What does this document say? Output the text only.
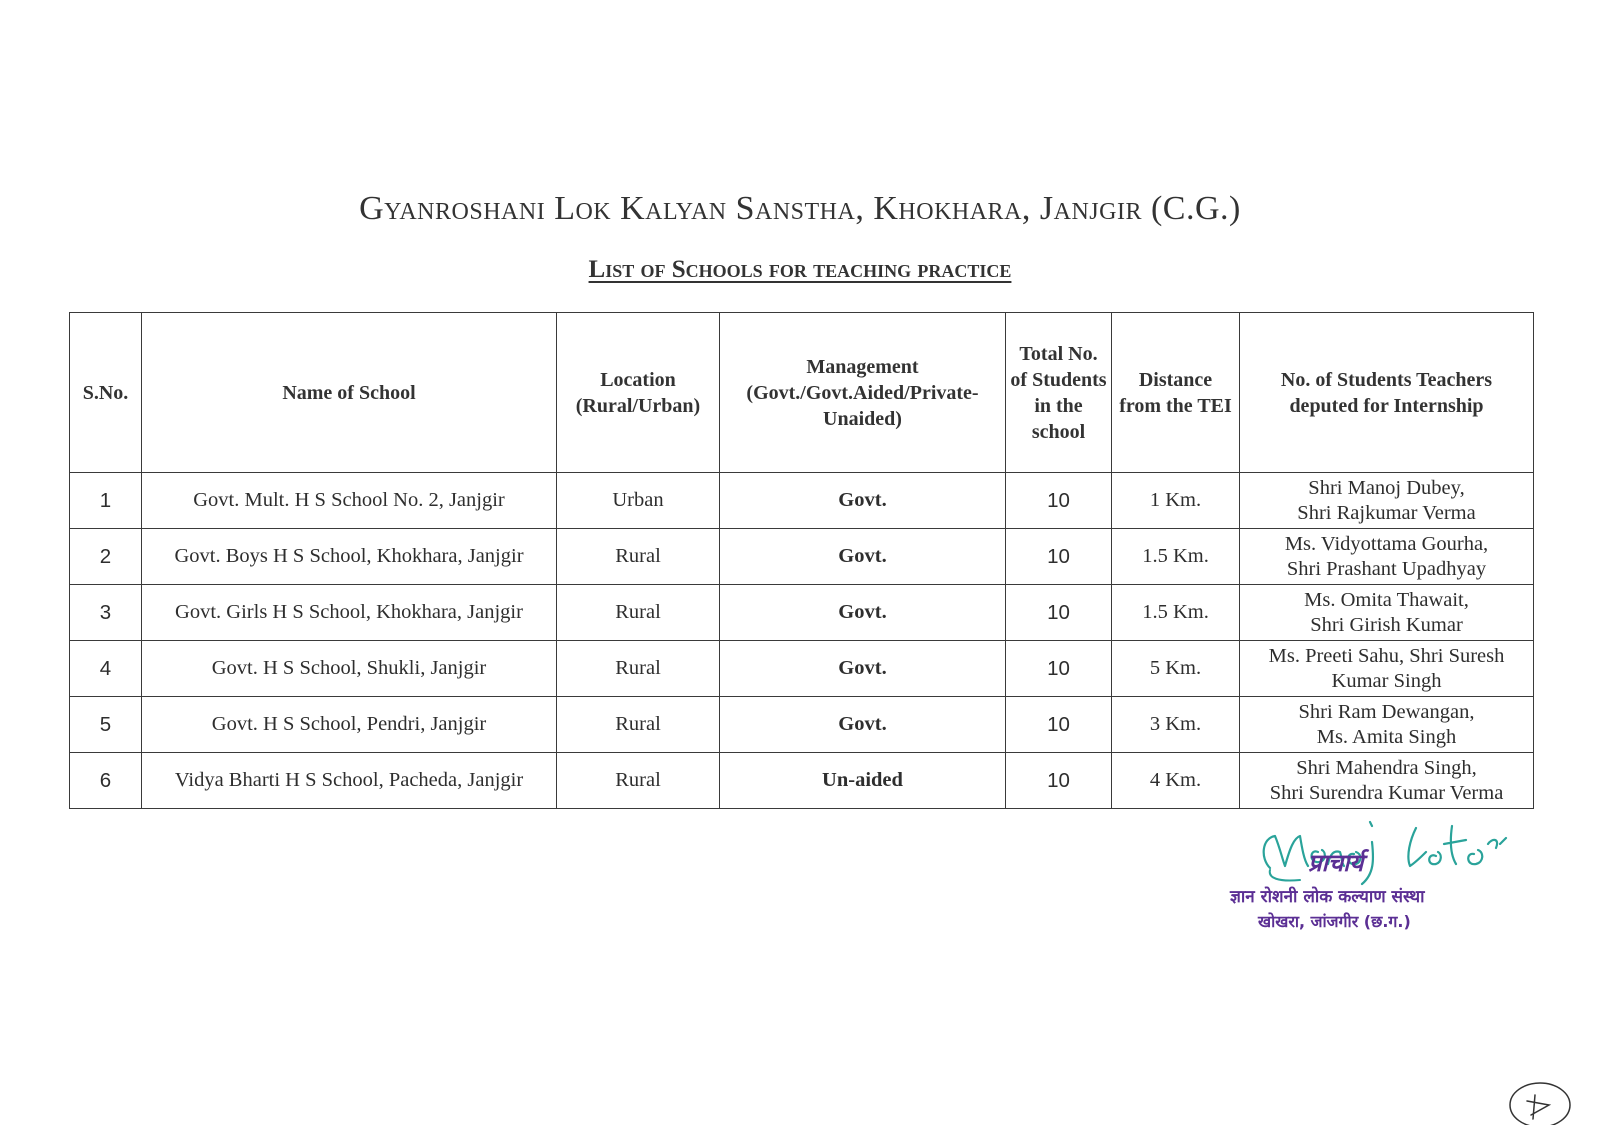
Gyanroshani Lok Kalyan Sanstha, Khokhara, Janjgir (C.G.)
List of Schools for teaching practice
S.No.	Name of School	Location (Rural/Urban)	Management (Govt./Govt.Aided/Private-Unaided)	Total No. of Students in the school	Distance from the TEI	No. of Students Teachers deputed for Internship
1	Govt. Mult. H S School No. 2, Janjgir	Urban	Govt.	10	1 Km.	Shri Manoj Dubey,
Shri Rajkumar Verma

2	Govt. Boys H S School, Khokhara, Janjgir	Rural	Govt.	10	1.5 Km.	Ms. Vidyottama Gourha,
Shri Prashant Upadhyay

3	Govt. Girls H S School, Khokhara, Janjgir	Rural	Govt.	10	1.5 Km.	Ms. Omita Thawait,
Shri Girish Kumar

4	Govt. H S School, Shukli, Janjgir	Rural	Govt.	10	5 Km.	Ms. Preeti Sahu, Shri Suresh
Kumar Singh

5	Govt. H S School, Pendri, Janjgir	Rural	Govt.	10	3 Km.	Shri Ram Dewangan,
Ms. Amita Singh

6	Vidya Bharti H S School, Pacheda, Janjgir	Rural	Un-aided	10	4 Km.	Shri Mahendra Singh,
Shri Surendra Kumar Verma
प्राचार्य
ज्ञान रोशनी लोक कल्याण संस्था
खोखरा, जांजगीर (छ.ग.)
